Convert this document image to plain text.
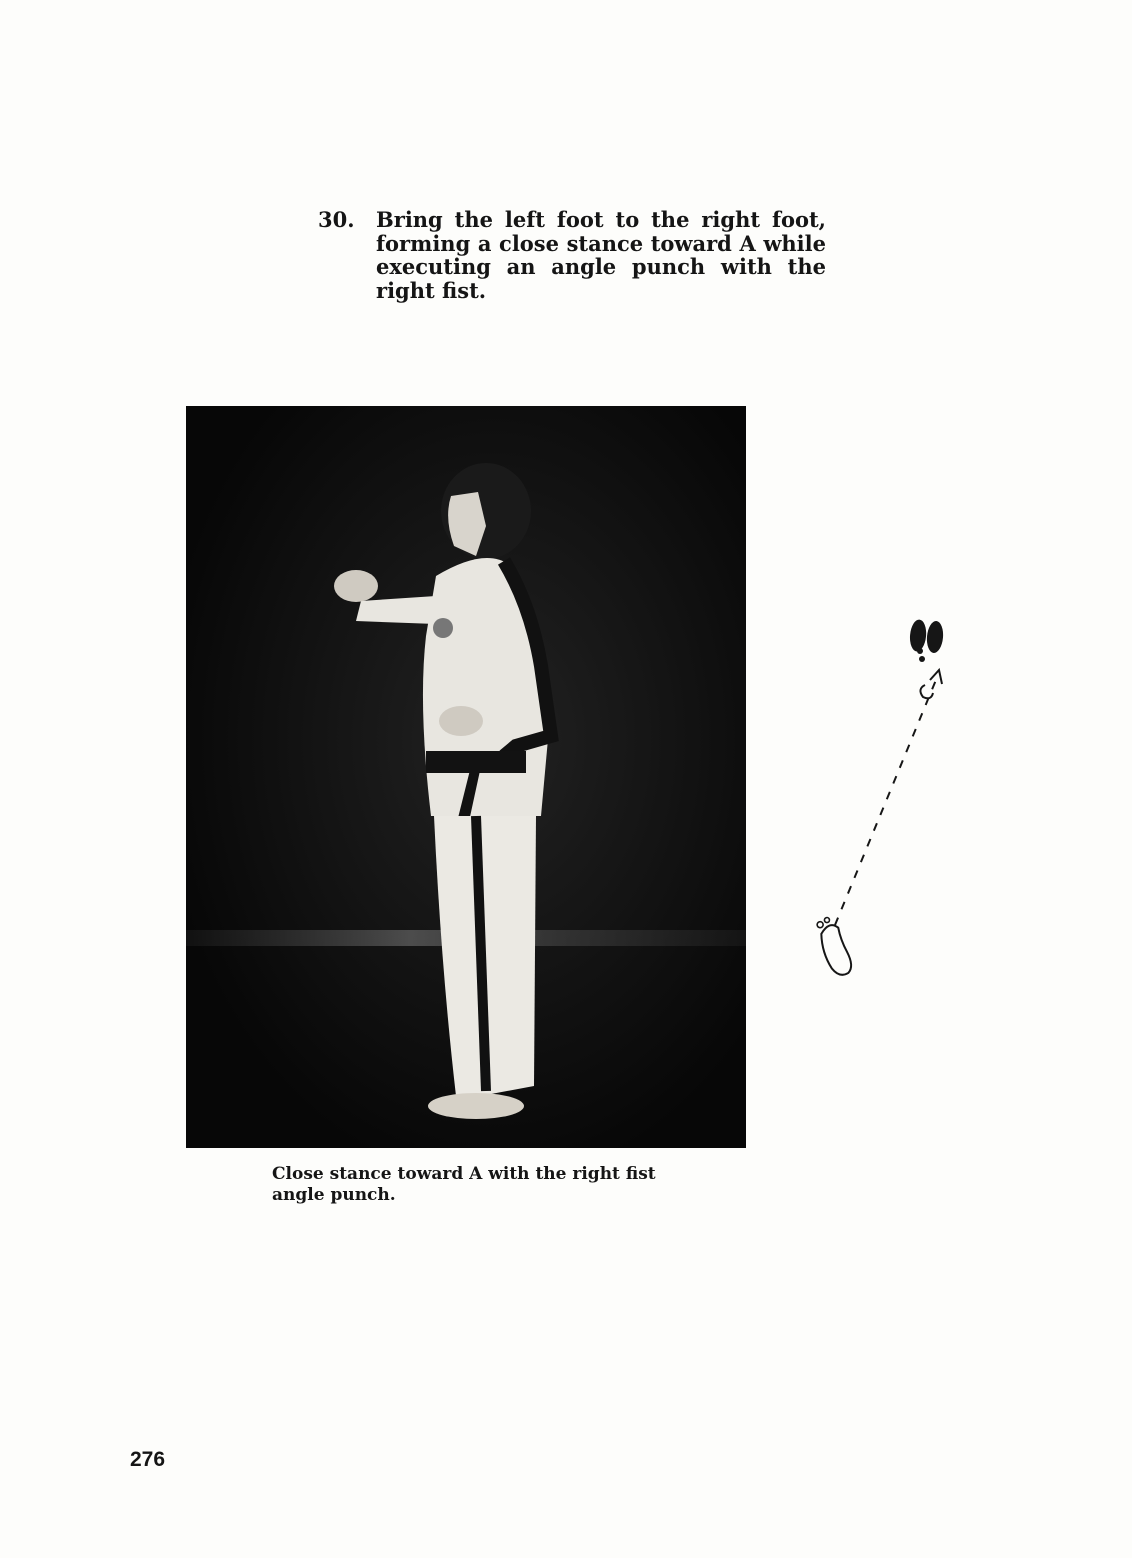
30. Bring the left foot to the right foot, forming a close stance toward A while executing an angle punch with the right fist.
Close stance toward A with the right fist angle punch.
276
